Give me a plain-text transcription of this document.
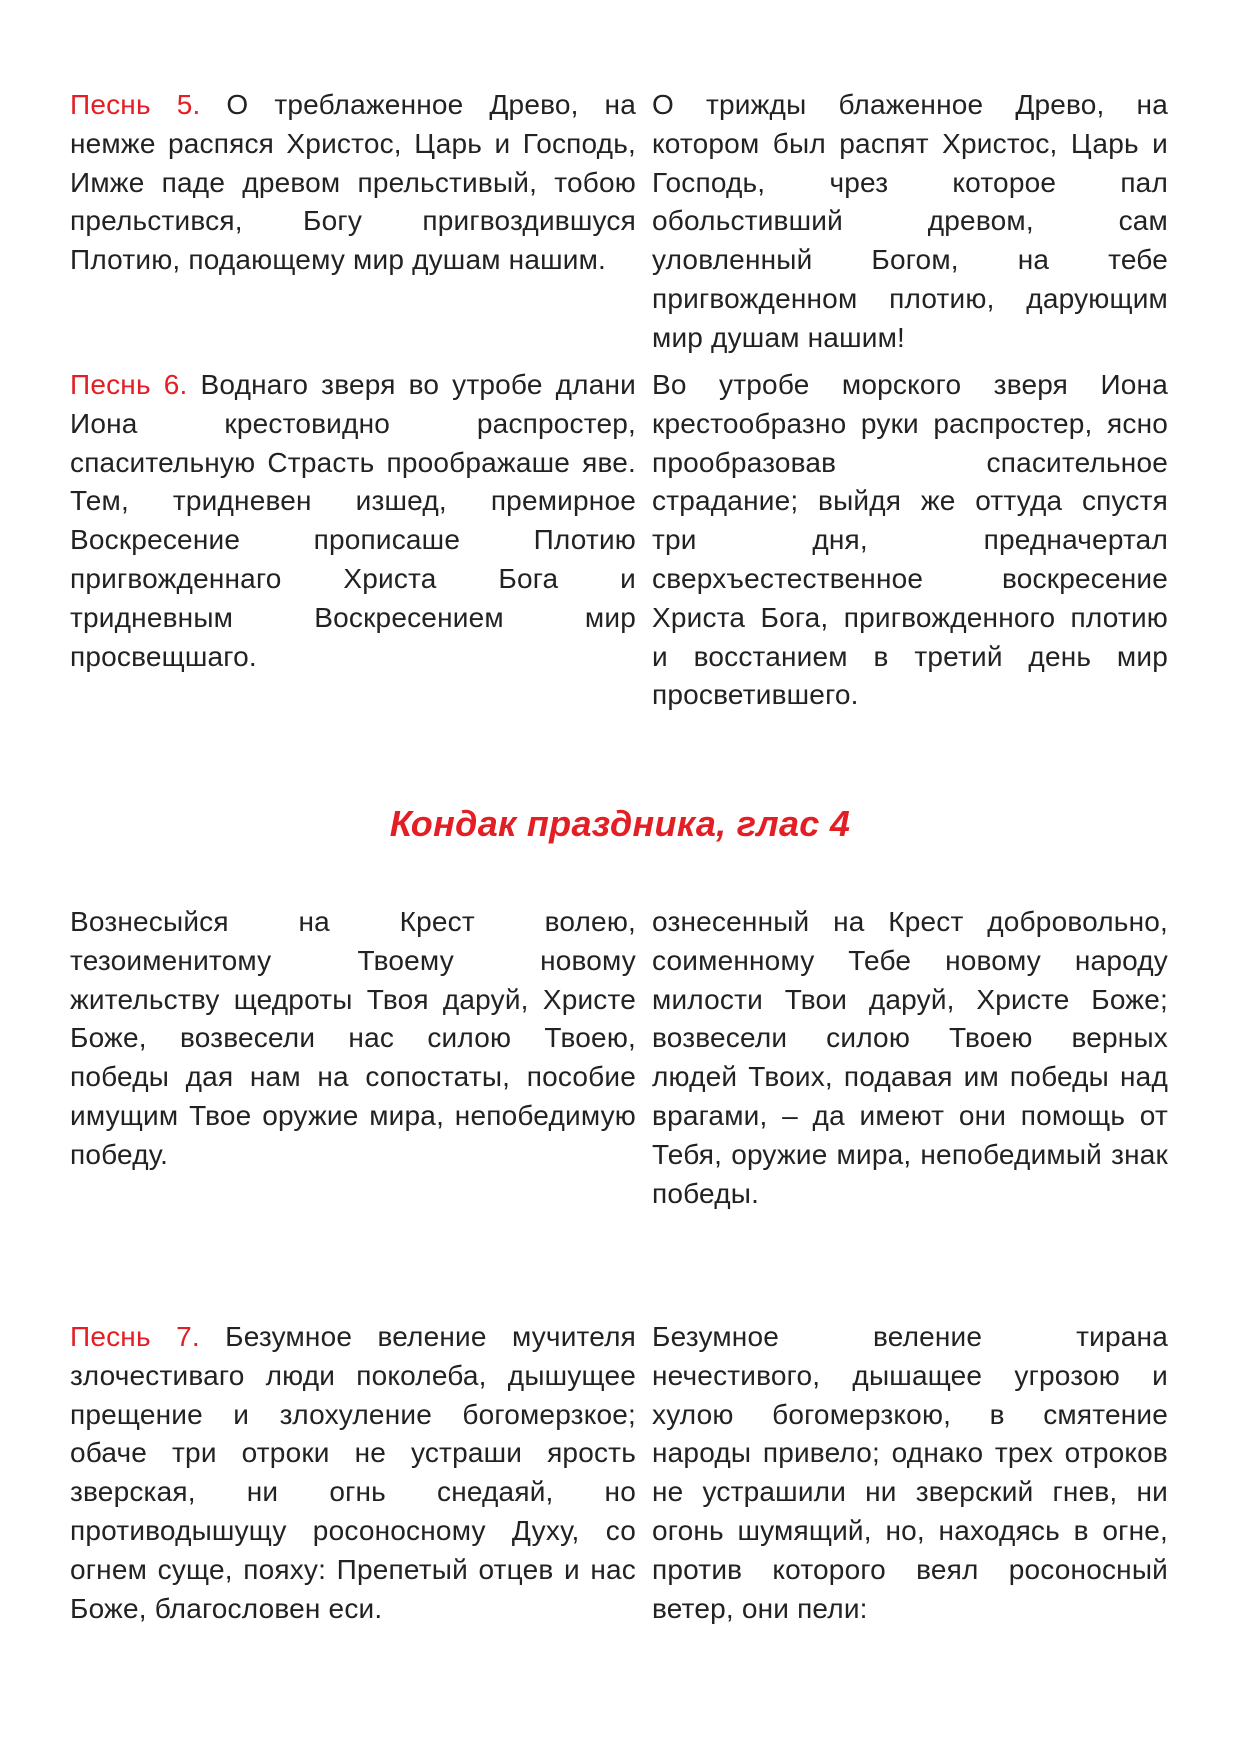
Песнь 5. О треблаженное Древо, на немже распяся Христос, Царь и Господь, Имже паде древом прельстивый, тобою прельстився, Богу пригвоздившуся Плотию, подающему мир душам нашим.

О трижды блаженное Древо, на котором был распят Христос, Царь и Господь, чрез которое пал обольстивший древом, сам уловленный Богом, на тебе пригвожденном плотию, дарующим мир душам нашим!

Песнь 6. Воднаго зверя во утробе длани Иона крестовидно распростер, спасительную Страсть проображаше яве. Тем, тридневен изшед, премирное Воскресение прописаше Плотию пригвожденнаго Христа Бога и тридневным Воскресением мир просвещшаго.

Во утробе морского зверя Иона крестообразно руки распростер, ясно прообразовав спасительное страдание; выйдя же оттуда спустя три дня, предначертал сверхъестественное воскресение Христа Бога, пригвожденного плотию и восстанием в третий день мир просветившего.

Кондак праздника, глас 4

Вознесыйся на Крест волею, тезоименитому Твоему новому жительству щедроты Твоя даруй, Христе Боже, возвесели нас силою Твоею, победы дая нам на сопостаты, пособие имущим Твое оружие мира, непобедимую победу.

ознесенный на Крест добровольно, соименному Тебе новому народу милости Твои даруй, Христе Боже; возвесели силою Твоею верных людей Твоих, подавая им победы над врагами, – да имеют они помощь от Тебя, оружие мира, непобедимый знак победы.

Песнь 7. Безумное веление мучителя злочестиваго люди поколеба, дышущее прещение и злохуление богомерзкое; обаче три отроки не устраши ярость зверская, ни огнь снедаяй, но противодышущу росоносному Духу, со огнем суще, пояху: Препетый отцев и нас Боже, благословен еси.

Безумное веление тирана нечестивого, дышащее угрозою и хулою богомерзкою, в смятение народы привело; однако трех отроков не устрашили ни зверский гнев, ни огонь шумящий, но, находясь в огне, против которого веял росоносный ветер, они пели:
